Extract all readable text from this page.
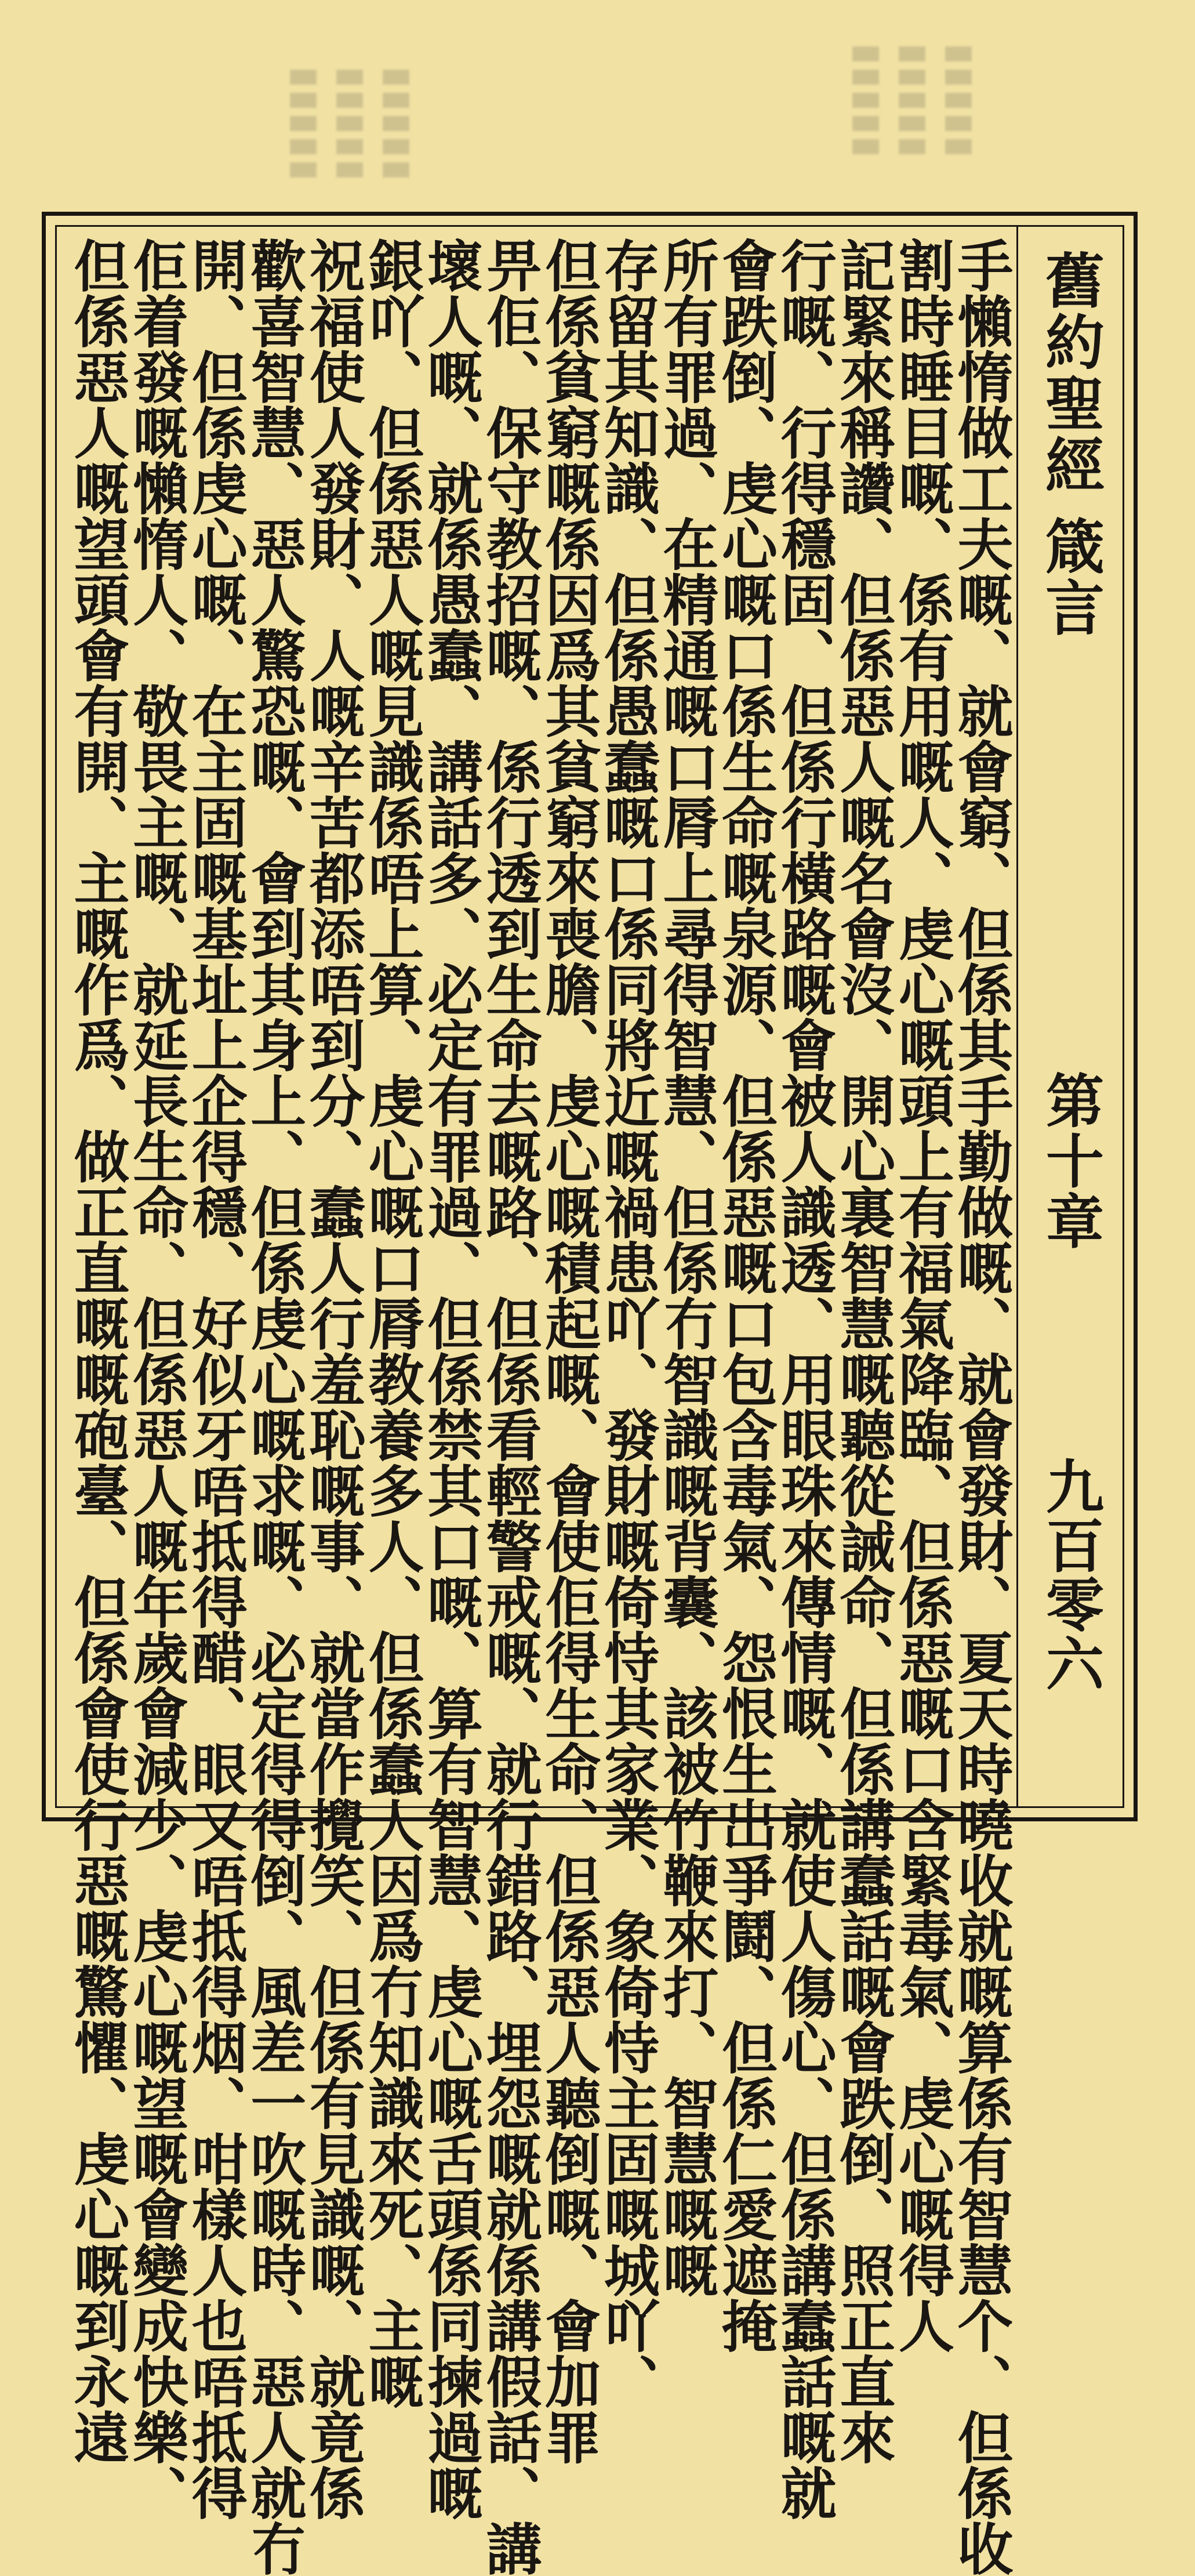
舊約聖經箴言
第十章
九百零六
手懶惰做工夫嘅、就會窮、但係其手勤做嘅、就會發財、夏天時曉收就嘅算係有智慧个、但係收
割時睡目嘅、係有用嘅人、虔心嘅頭上有福氣降臨、但係惡嘅口含緊毒氣、虔心嘅得人
記緊來稱讚、但係惡人嘅名會沒、開心裏智慧嘅聽從誡命、但係講蠢話嘅會跌倒、照正直來
行嘅、行得穩固、但係行橫路嘅會被人識透、用眼珠來傳情嘅、就使人傷心、但係講蠢話嘅就
會跌倒、虔心嘅口係生命嘅泉源、但係惡嘅口包含毒氣、怨恨生出爭鬪、但係仁愛遮掩
所有罪過、在精通嘅口脣上尋得智慧、但係冇智識嘅背囊、該被竹鞭來打、智慧嘅嘅
存留其知識、但係愚蠢嘅口係同將近嘅禍患吖、發財嘅倚恃其家業、象倚恃主固嘅城吖、
但係貧窮嘅係因爲其貧窮來喪膽、虔心嘅積起嘅、會使佢得生命、但係惡人聽倒嘅、會加罪
畀佢、保守教招嘅、係行透到生命去嘅路、但係看輕警戒嘅、就行錯路、埋怨嘅就係講假話、講
壞人嘅、就係愚蠢、講話多、必定有罪過、但係禁其口嘅、算有智慧、虔心嘅舌頭係同揀過嘅
銀吖、但係惡人嘅見識係唔上算、虔心嘅口脣教養多人、但係蠢人因爲冇知識來死、主嘅
祝福使人發財、人嘅辛苦都添唔到分、蠢人行羞恥嘅事、就當作攪笑、但係有見識嘅、就竟係
歡喜智慧、惡人驚恐嘅、會到其身上、但係虔心嘅求嘅、必定得得倒、風差一吹嘅時、惡人就冇
開、但係虔心嘅、在主固嘅基址上企得穩、好似牙唔抵得醋、眼又唔抵得烟、咁樣人也唔抵得
佢着發嘅懶惰人、敬畏主嘅、就延長生命、但係惡人嘅年歲會減少、虔心嘅望嘅會變成快樂、
但係惡人嘅望頭會有開、主嘅作爲、做正直嘅嘅砲臺、但係會使行惡嘅驚懼、虔心嘅到永遠
